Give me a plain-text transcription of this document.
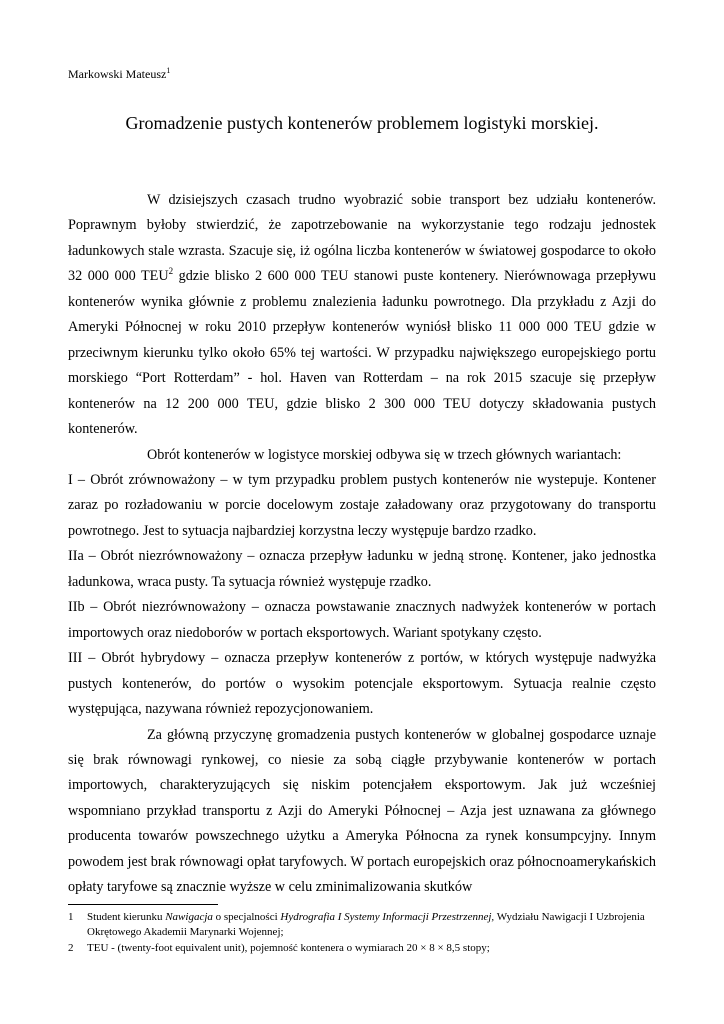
Markowski Mateusz$^1$
Gromadzenie pustych kontenerów problemem logistyki morskiej.

W dzisiejszych czasach trudno wyobrazić sobie transport bez udziału kontenerów. Poprawnym byłoby stwierdzić, że zapotrzebowanie na wykorzystanie tego rodzaju jednostek ładunkowych stale wzrasta. Szacuje się, iż ogólna liczba kontenerów w światowej gospodarce to około 32 000 000 TEU$^2$ gdzie blisko 2 600 000 TEU stanowi puste kontenery. Nierównowaga przepływu kontenerów wynika głównie z problemu znalezienia ładunku powrotnego. Dla przykładu z Azji do Ameryki Północnej w roku 2010 przepływ kontenerów wyniósł blisko 11 000 000 TEU gdzie w przeciwnym kierunku tylko około 65% tej wartości. W przypadku największego europejskiego portu morskiego “Port Rotterdam” - hol. Haven van Rotterdam – na rok 2015 szacuje się przepływ kontenerów na 12 200 000 TEU, gdzie blisko 2 300 000 TEU dotyczy składowania pustych kontenerów.

Obrót kontenerów w logistyce morskiej odbywa się w trzech głównych wariantach:

I – Obrót zrównoważony – w tym przypadku problem pustych kontenerów nie wystepuje. Kontener zaraz po rozładowaniu w porcie docelowym zostaje załadowany oraz przygotowany do transportu powrotnego. Jest to sytuacja najbardziej korzystna leczy występuje bardzo rzadko.

IIa – Obrót niezrównoważony – oznacza przepływ ładunku w jedną stronę. Kontener, jako jednostka ładunkowa, wraca pusty. Ta sytuacja również występuje rzadko.

IIb – Obrót niezrównoważony – oznacza powstawanie znacznych nadwyżek kontenerów w portach importowych oraz niedoborów w portach eksportowych. Wariant spotykany często.

III – Obrót hybrydowy – oznacza przepływ kontenerów z portów, w których występuje nadwyżka pustych kontenerów, do portów o wysokim potencjale eksportowym. Sytuacja realnie często występująca, nazywana również repozycjonowaniem.

Za główną przyczynę gromadzenia pustych kontenerów w globalnej gospodarce uznaje się brak równowagi rynkowej, co niesie za sobą ciągłe przybywanie kontenerów w portach importowych, charakteryzujących się niskim potencjałem eksportowym. Jak już wcześniej wspomniano przykład transportu z Azji do Ameryki Północnej – Azja jest uznawana za głównego producenta towarów powszechnego użytku a Ameryka Północna za rynek konsumpcyjny. Innym powodem jest brak równowagi opłat taryfowych. W portach europejskich oraz północnoamerykańskich opłaty taryfowe są znacznie wyższe w celu zminimalizowania skutków

1 Student kierunku Nawigacja o specjalności Hydrografia I Systemy Informacji Przestrzennej, Wydziału Nawigacji I Uzbrojenia Okrętowego Akademii Marynarki Wojennej;
2 TEU - (twenty-foot equivalent unit), pojemność kontenera o wymiarach 20 × 8 × 8,5 stopy;
